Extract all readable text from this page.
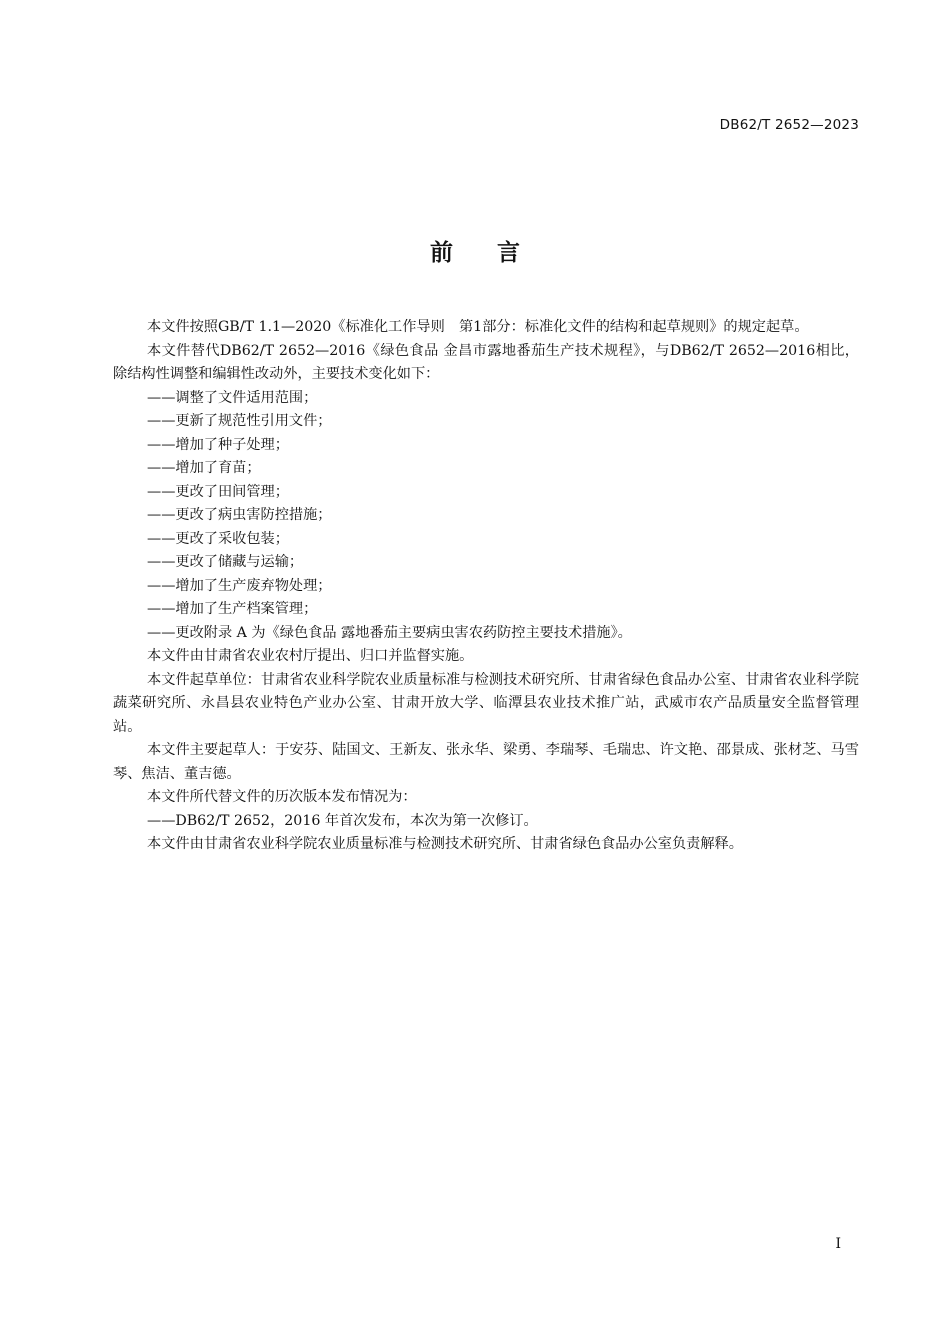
DB62/T 2652—2023
前言

本文件按照GB/T 1.1—2020《标准化工作导则　第1部分：标准化文件的结构和起草规则》的规定起草。

本文件替代DB62/T 2652—2016《绿色食品 金昌市露地番茄生产技术规程》，与DB62/T 2652—2016相比，除结构性调整和编辑性改动外，主要技术变化如下：

——调整了文件适用范围；

——更新了规范性引用文件；

——增加了种子处理；

——增加了育苗；

——更改了田间管理；

——更改了病虫害防控措施；

——更改了采收包装；

——更改了储藏与运输；

——增加了生产废弃物处理；

——增加了生产档案管理；

——更改附录 A 为《绿色食品 露地番茄主要病虫害农药防控主要技术措施》。

本文件由甘肃省农业农村厅提出、归口并监督实施。

本文件起草单位：甘肃省农业科学院农业质量标准与检测技术研究所、甘肃省绿色食品办公室、甘肃省农业科学院蔬菜研究所、永昌县农业特色产业办公室、甘肃开放大学、临潭县农业技术推广站，武威市农产品质量安全监督管理站。

本文件主要起草人：于安芬、陆国文、王新友、张永华、梁勇、李瑞琴、毛瑞忠、许文艳、邵景成、张材芝、马雪琴、焦洁、董吉德。

本文件所代替文件的历次版本发布情况为：

——DB62/T 2652，2016 年首次发布，本次为第一次修订。

本文件由甘肃省农业科学院农业质量标准与检测技术研究所、甘肃省绿色食品办公室负责解释。

I
